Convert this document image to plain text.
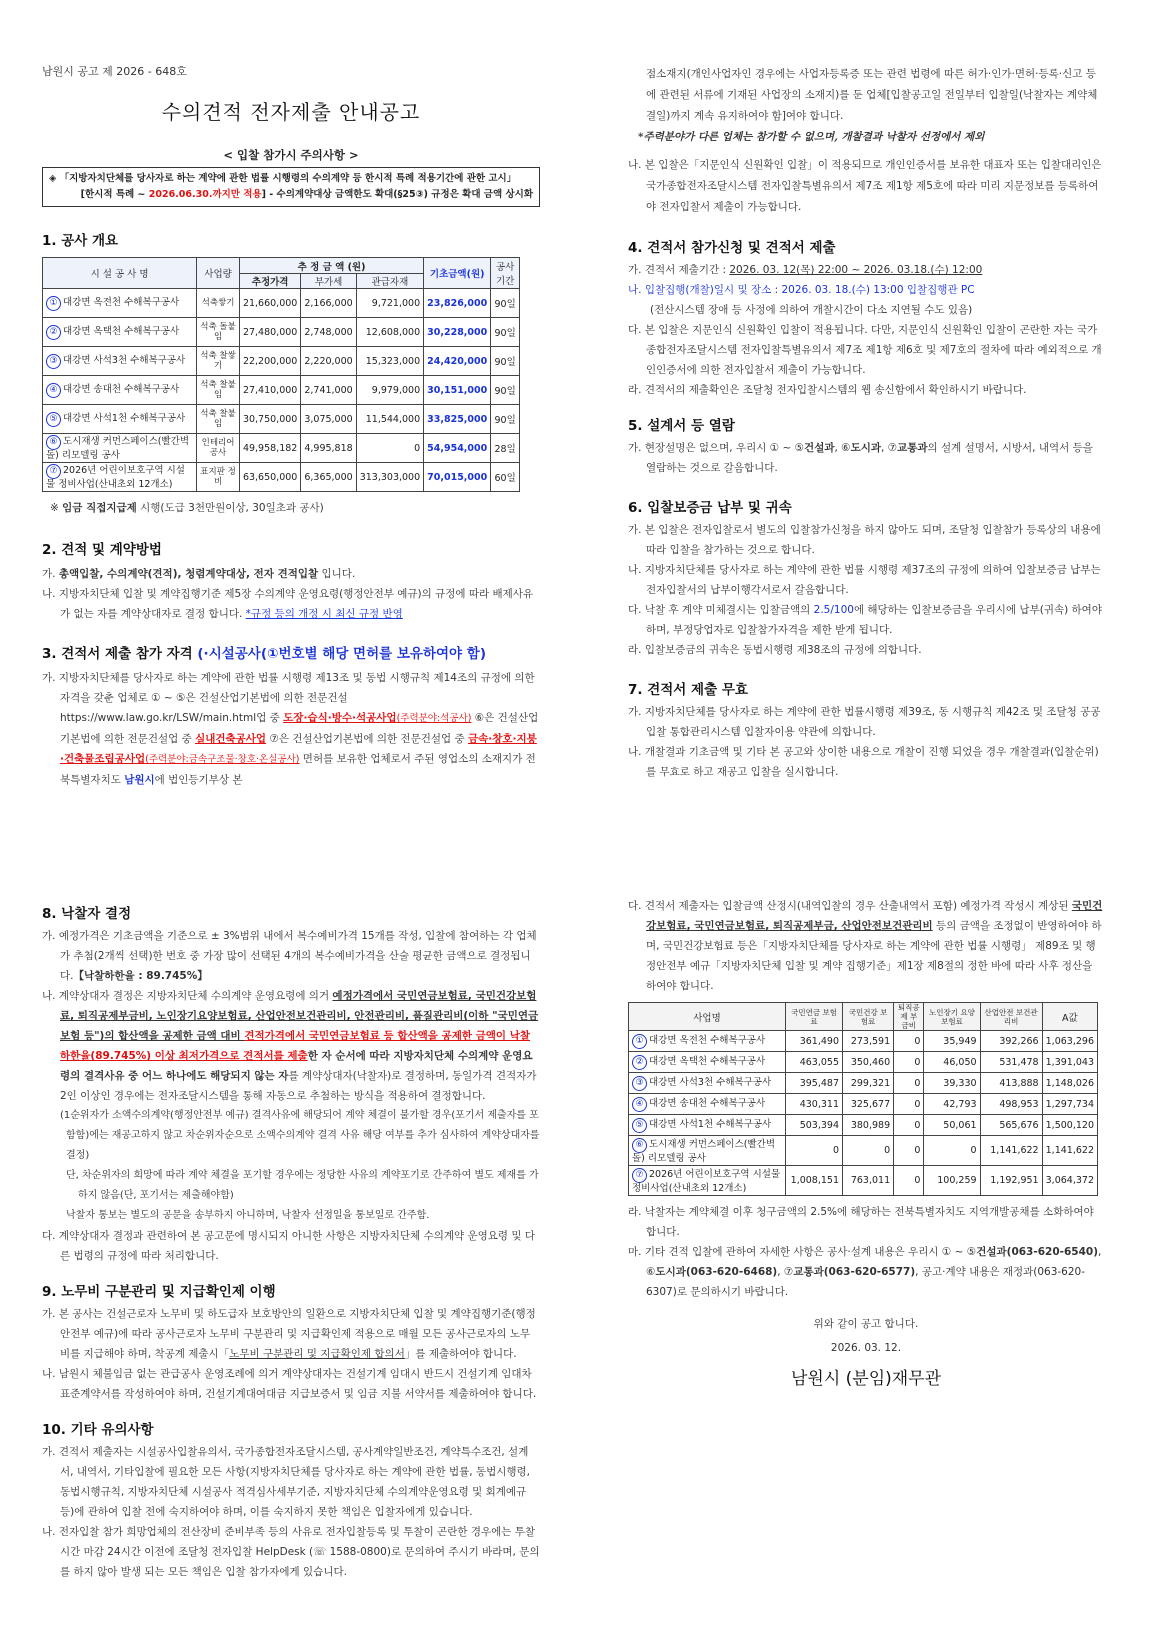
남원시 공고 제 2026 - 648호
수의견적 전자제출 안내공고
< 입찰 참가시 주의사항 >
◈ 「지방자치단체를 당사자로 하는 계약에 관한 법률 시행령의 수의계약 등 한시적 특례 적용기간에 관한 고시」
[한시적 특례 ~ 2026.06.30.까지만 적용] - 수의계약대상 금액한도 확대(§25③) 규정은 확대 금액 상시화
1. 공사 개요
시 설 공 사 명	사업량	추 정 금 액 (원)			기초금액(원)	공사기간
		추정가격	부가세	관급자재		
① 대강면 옥전천 수해복구공사	석축쌓기	21,660,000	2,166,000	9,721,000	23,826,000	90일
② 대강면 옥택천 수해복구공사	석축 돌붙임	27,480,000	2,748,000	12,608,000	30,228,000	90일
③ 대강면 사석3천 수해복구공사	석축 찰쌓기	22,200,000	2,220,000	15,323,000	24,420,000	90일
④ 대강면 송대천 수해복구공사	석축 찰붙임	27,410,000	2,741,000	9,979,000	30,151,000	90일
⑤ 대강면 사석1천 수해복구공사	석축 찰붙임	30,750,000	3,075,000	11,544,000	33,825,000	90일
⑥ 도시재생 커먼스페이스(빨간벽돌) 리모델링 공사	인테리어 공사	49,958,182	4,995,818	0	54,954,000	28일
⑦ 2026년 어린이보호구역 시설물 정비사업(산내초외 12개소)	표지판 정비	63,650,000	6,365,000	313,303,000	70,015,000	60일
※ 임금 직접지급제 시행(도급 3천만원이상, 30일초과 공사)
2. 견적 및 계약방법
가. 총액입찰, 수의계약(견적), 청렴계약대상, 전자 견적입찰 입니다.
나. 지방자치단체 입찰 및 계약집행기준 제5장 수의계약 운영요령(행정안전부 예규)의 규정에 따라 배제사유가 없는 자를 계약상대자로 결정 합니다. *규정 등의 개정 시 최신 규정 반영
3. 견적서 제출 참가 자격 (·시설공사(①번호별 해당 면허를 보유하여야 함)
가. 지방자치단체를 당사자로 하는 계약에 관한 법률 시행령 제13조 및 동법 시행규칙 제14조의 규정에 의한 자격을 갖춘 업체로 ① ~ ⑤은 건설산업기본법에 의한 전문건설 https://www.law.go.kr/LSW/main.html업 중 도장·습식·방수·석공사업(주력분야:석공사) ⑥은 건설산업기본법에 의한 전문건설업 중 실내건축공사업 ⑦은 건설산업기본법에 의한 전문건설업 중 금속·창호·지붕·건축물조립공사업(주력분야:금속구조물·창호·온실공사) 면허를 보유한 업체로서 주된 영업소의 소재지가 전북특별자치도 남원시에 법인등기부상 본
점소재지(개인사업자인 경우에는 사업자등록증 또는 관련 법령에 따른 허가·인가·면허·등록·신고 등에 관련된 서류에 기재된 사업장의 소재지)를 둔 업체[입찰공고일 전일부터 입찰일(낙찰자는 계약체결일)까지 계속 유지하여야 함]여야 합니다.
*주력분야가 다른 업체는 참가할 수 없으며, 개찰결과 낙찰자 선정에서 제외
나. 본 입찰은「지문인식 신원확인 입찰」이 적용되므로 개인인증서를 보유한 대표자 또는 입찰대리인은 국가종합전자조달시스템 전자입찰특별유의서 제7조 제1항 제5호에 따라 미리 지문정보를 등록하여야 전자입찰서 제출이 가능합니다.
4. 견적서 참가신청 및 견적서 제출
가. 견적서 제출기간 : 2026. 03. 12(목) 22:00 ~ 2026. 03.18.(수) 12:00
나. 입찰집행(개찰)일시 및 장소 : 2026. 03. 18.(수) 13:00 입찰집행관 PC
(전산시스템 장애 등 사정에 의하여 개찰시간이 다소 지연될 수도 있음)
다. 본 입찰은 지문인식 신원확인 입찰이 적용됩니다. 다만, 지문인식 신원확인 입찰이 곤란한 자는 국가종합전자조달시스템 전자입찰특별유의서 제7조 제1항 제6호 및 제7호의 절차에 따라 예외적으로 개인인증서에 의한 전자입찰서 제출이 가능합니다.
라. 견적서의 제출확인은 조달청 전자입찰시스템의 웹 송신함에서 확인하시기 바랍니다.
5. 설계서 등 열람
가. 현장설명은 없으며, 우리시 ① ~ ⑤건설과, ⑥도시과, ⑦교통과의 설계 설명서, 시방서, 내역서 등을 열람하는 것으로 갈음합니다.
6. 입찰보증금 납부 및 귀속
가. 본 입찰은 전자입찰로서 별도의 입찰참가신청을 하지 않아도 되며, 조달청 입찰참가 등록상의 내용에 따라 입찰을 참가하는 것으로 합니다.
나. 지방자치단체를 당사자로 하는 계약에 관한 법률 시행령 제37조의 규정에 의하여 입찰보증금 납부는 전자입찰서의 납부이행각서로서 갈음합니다.
다. 낙찰 후 계약 미체결시는 입찰금액의 2.5/100에 해당하는 입찰보증금을 우리시에 납부(귀속) 하여야 하며, 부정당업자로 입찰참가자격을 제한 받게 됩니다.
라. 입찰보증금의 귀속은 동법시행령 제38조의 규정에 의합니다.
7. 견적서 제출 무효
가. 지방자치단체를 당사자로 하는 계약에 관한 법률시행령 제39조, 동 시행규칙 제42조 및 조달청 공공입찰 통합관리시스템 입찰자이용 약관에 의합니다.
나. 개찰결과 기초금액 및 기타 본 공고와 상이한 내용으로 개찰이 진행 되었을 경우 개찰결과(입찰순위)를 무효로 하고 재공고 입찰을 실시합니다.
8. 낙찰자 결정
가. 예정가격은 기초금액을 기준으로 ± 3%범위 내에서 복수예비가격 15개를 작성, 입찰에 참여하는 각 업체가 추첨(2개씩 선택)한 번호 중 가장 많이 선택된 4개의 복수예비가격을 산술 평균한 금액으로 결정됩니다.【낙찰하한율 : 89.745%】
나. 계약상대자 결정은 지방자치단체 수의계약 운영요령에 의거 예정가격에서 국민연금보험료, 국민건강보험료, 퇴직공제부금비, 노인장기요양보험료, 산업안전보건관리비, 안전관리비, 품질관리비(이하 "국민연금보험 등")의 합산액을 공제한 금액 대비 견적가격에서 국민연금보험료 등 합산액을 공제한 금액이 낙찰하한율(89.745%) 이상 최저가격으로 견적서를 제출한 자 순서에 따라 지방자치단체 수의계약 운영요령의 결격사유 중 어느 하나에도 해당되지 않는 자를 계약상대자(낙찰자)로 결정하며, 동일가격 견적자가 2인 이상인 경우에는 전자조달시스템을 통해 자동으로 추첨하는 방식을 적용하여 결정합니다.
(1순위자가 소액수의계약(행정안전부 예규) 결격사유에 해당되어 계약 체결이 불가할 경우(포기서 제출자를 포함함)에는 재공고하지 않고 차순위자순으로 소액수의계약 결격 사유 해당 여부를 추가 심사하여 계약상대자를 결정)
단, 차순위자의 희망에 따라 계약 체결을 포기할 경우에는 정당한 사유의 계약포기로 간주하여 별도 제재를 가하지 않음(단, 포기서는 제출해야함)
낙찰자 통보는 별도의 공문을 송부하지 아니하며, 낙찰자 선정일을 통보일로 간주함.
다. 계약상대자 결정과 관련하여 본 공고문에 명시되지 아니한 사항은 지방자치단체 수의계약 운영요령 및 다른 법령의 규정에 따라 처리합니다.
9. 노무비 구분관리 및 지급확인제 이행
가. 본 공사는 건설근로자 노무비 및 하도급자 보호방안의 일환으로 지방자치단체 입찰 및 계약집행기준(행정안전부 예규)에 따라 공사근로자 노무비 구분관리 및 지급확인제 적용으로 매월 모든 공사근로자의 노무비를 지급해야 하며, 착공계 제출시「노무비 구분관리 및 지급확인제 합의서」를 제출하여야 합니다.
나. 남원시 체불임금 없는 관급공사 운영조례에 의거 계약상대자는 건설기계 임대시 반드시 건설기계 임대차 표준계약서를 작성하여야 하며, 건설기계대여대금 지급보증서 및 임금 지불 서약서를 제출하여야 합니다.
10. 기타 유의사항
가. 견적서 제출자는 시설공사입찰유의서, 국가종합전자조달시스템, 공사계약일반조건, 계약특수조건, 설계서, 내역서, 기타입찰에 필요한 모든 사항(지방자치단체를 당사자로 하는 계약에 관한 법률, 동법시행령, 동법시행규칙, 지방자치단체 시설공사 적격심사세부기준, 지방자치단체 수의계약운영요령 및 회계예규 등)에 관하여 입찰 전에 숙지하여야 하며, 이를 숙지하지 못한 책임은 입찰자에게 있습니다.
나. 전자입찰 참가 희망업체의 전산장비 준비부족 등의 사유로 전자입찰등록 및 투찰이 곤란한 경우에는 투찰시간 마감 24시간 이전에 조달청 전자입찰 HelpDesk (☏ 1588-0800)로 문의하여 주시기 바라며, 문의를 하지 않아 발생 되는 모든 책임은 입찰 참가자에게 있습니다.
다. 견적서 제출자는 입찰금액 산정시(내역입찰의 경우 산출내역서 포함) 예정가격 작성시 계상된 국민건강보험료, 국민연금보험료, 퇴직공제부금, 산업안전보건관리비 등의 금액을 조정없이 반영하여야 하며, 국민건강보험료 등은「지방자치단체를 당사자로 하는 계약에 관한 법률 시행령」 제89조 및 행정안전부 예규「지방자치단체 입찰 및 계약 집행기준」제1장 제8절의 정한 바에 따라 사후 정산을 하여야 합니다.
사업명	국민연금 보험료	국민건강 보험료	퇴직공제 부금비	노인장기 요양보험료	산업안전 보건관리비	A값
① 대강면 옥전천 수해복구공사	361,490	273,591	0	35,949	392,266	1,063,296
② 대강면 옥택천 수해복구공사	463,055	350,460	0	46,050	531,478	1,391,043
③ 대강면 사석3천 수해복구공사	395,487	299,321	0	39,330	413,888	1,148,026
④ 대강면 송대천 수해복구공사	430,311	325,677	0	42,793	498,953	1,297,734
⑤ 대강면 사석1천 수해복구공사	503,394	380,989	0	50,061	565,676	1,500,120
⑥ 도시재생 커먼스페이스(빨간벽돌) 리모델링 공사	0	0	0	0	1,141,622	1,141,622
⑦ 2026년 어린이보호구역 시설물 정비사업(산내초외 12개소)	1,008,151	763,011	0	100,259	1,192,951	3,064,372
라. 낙찰자는 계약체결 이후 청구금액의 2.5%에 해당하는 전북특별자치도 지역개발공채를 소화하여야 합니다.
마. 기타 견적 입찰에 관하여 자세한 사항은 공사·설계 내용은 우리시 ① ~ ⑤건설과(063-620-6540), ⑥도시과(063-620-6468), ⑦교통과(063-620-6577), 공고·계약 내용은 재정과(063-620-6307)로 문의하시기 바랍니다.
위와 같이 공고 합니다.
2026. 03. 12.
남원시 (분임)재무관
